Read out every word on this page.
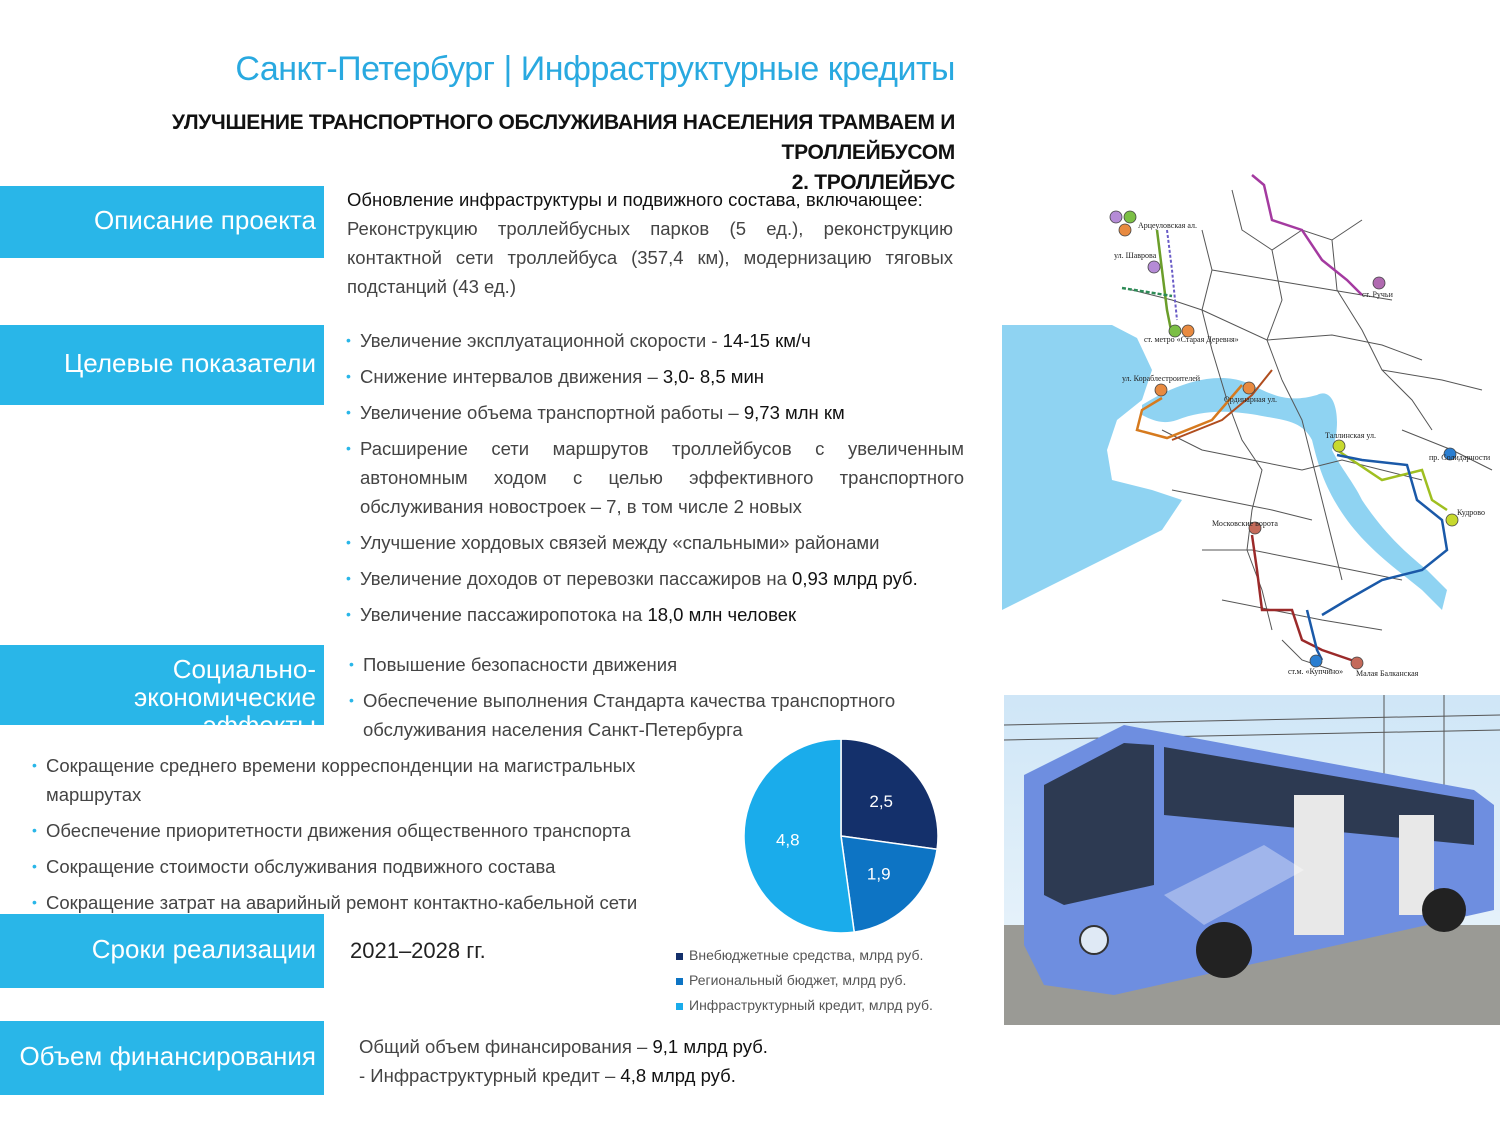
Санкт-Петербург | Инфраструктурные кредиты
УЛУЧШЕНИЕ ТРАНСПОРТНОГО ОБСЛУЖИВАНИЯ НАСЕЛЕНИЯ ТРАМВАЕМ И ТРОЛЛЕЙБУСОМ
2. ТРОЛЛЕЙБУС
Описание проекта
Целевые показатели
Социально-экономические
эффекты
Сроки реализации
Объем финансирования
Обновление инфраструктуры и подвижного состава, включающее:
Реконструкцию троллейбусных парков (5 ед.), реконструкцию контактной сети троллейбуса (357,4 км), модернизацию тяговых подстанций (43 ед.)
• Увеличение эксплуатационной скорости - 14-15 км/ч
• Снижение интервалов движения – 3,0- 8,5 мин
• Увеличение объема транспортной работы – 9,73 млн км
• Расширение сети маршрутов троллейбусов с увеличенным автономным ходом с целью эффективного транспортного обслуживания новостроек – 7, в том числе 2 новых
• Улучшение хордовых связей между «спальными» районами
• Увеличение доходов от перевозки пассажиров на 0,93 млрд руб.
• Увеличение пассажиропотока на 18,0 млн человек
• Повышение безопасности движения
• Обеспечение выполнения Стандарта качества транспортного обслуживания населения Санкт-Петербурга
• Сокращение среднего времени корреспонденции на магистральных маршрутах
• Обеспечение приоритетности движения общественного транспорта
• Сокращение стоимости обслуживания подвижного состава
• Сокращение затрат на аварийный ремонт контактно-кабельной сети
2021–2028 гг.
Общий объем финансирования – 9,1 млрд руб.
- Инфраструктурный кредит – 4,8 млрд руб.
2,5
1,9
4,8
Внебюджетные средства, млрд руб.
Региональный бюджет, млрд руб.
Инфраструктурный кредит, млрд руб.
Арцеуловская ал.
ул. Шаврова
ст. метро «Старая Деревня»
ст. Ручьи
ул. Кораблестроителей
Ординарная ул.
Таллинская ул.
пр. Солидарности
Кудрово
Московские ворота
ст.м. «Купчино» Малая Балканская
